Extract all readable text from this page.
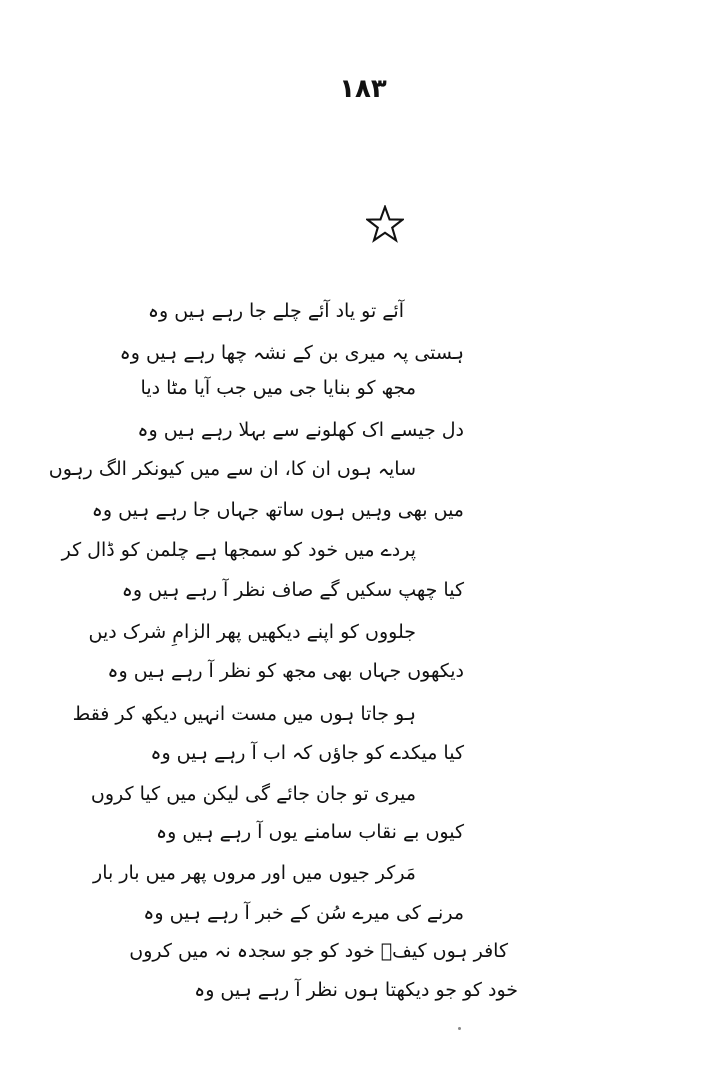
۱۸۳
آئے تو یاد آئے چلے جا رہے ہیں وہ
ہستی پہ میری بن کے نشہ چھا رہے ہیں وہ
مجھ کو بنایا جی میں جب آیا مٹا دیا
دل جیسے اک کھلونے سے بہلا رہے ہیں وہ
سایہ ہوں ان کا، ان سے میں کیونکر الگ رہوں
میں بھی وہیں ہوں ساتھ جہاں جا رہے ہیں وہ
پردے میں خود کو سمجھا ہے چلمن کو ڈال کر
کیا چھپ سکیں گے صاف نظر آ رہے ہیں وہ
جلووں کو اپنے دیکھیں پھر الزامِ شرک دیں
دیکھوں جہاں بھی مجھ کو نظر آ رہے ہیں وہ
ہو جاتا ہوں میں مست انہیں دیکھ کر فقط
کیا میکدے کو جاؤں کہ اب آ رہے ہیں وہ
میری تو جان جائے گی لیکن میں کیا کروں
کیوں بے نقاب سامنے یوں آ رہے ہیں وہ
مَرکر جیوں میں اور مروں پھر میں بار بار
مرنے کی میرے سُن کے خبر آ رہے ہیں وہ
کافر ہوں کیفؔ خود کو جو سجدہ نہ میں کروں
خود کو جو دیکھتا ہوں نظر آ رہے ہیں وہ
